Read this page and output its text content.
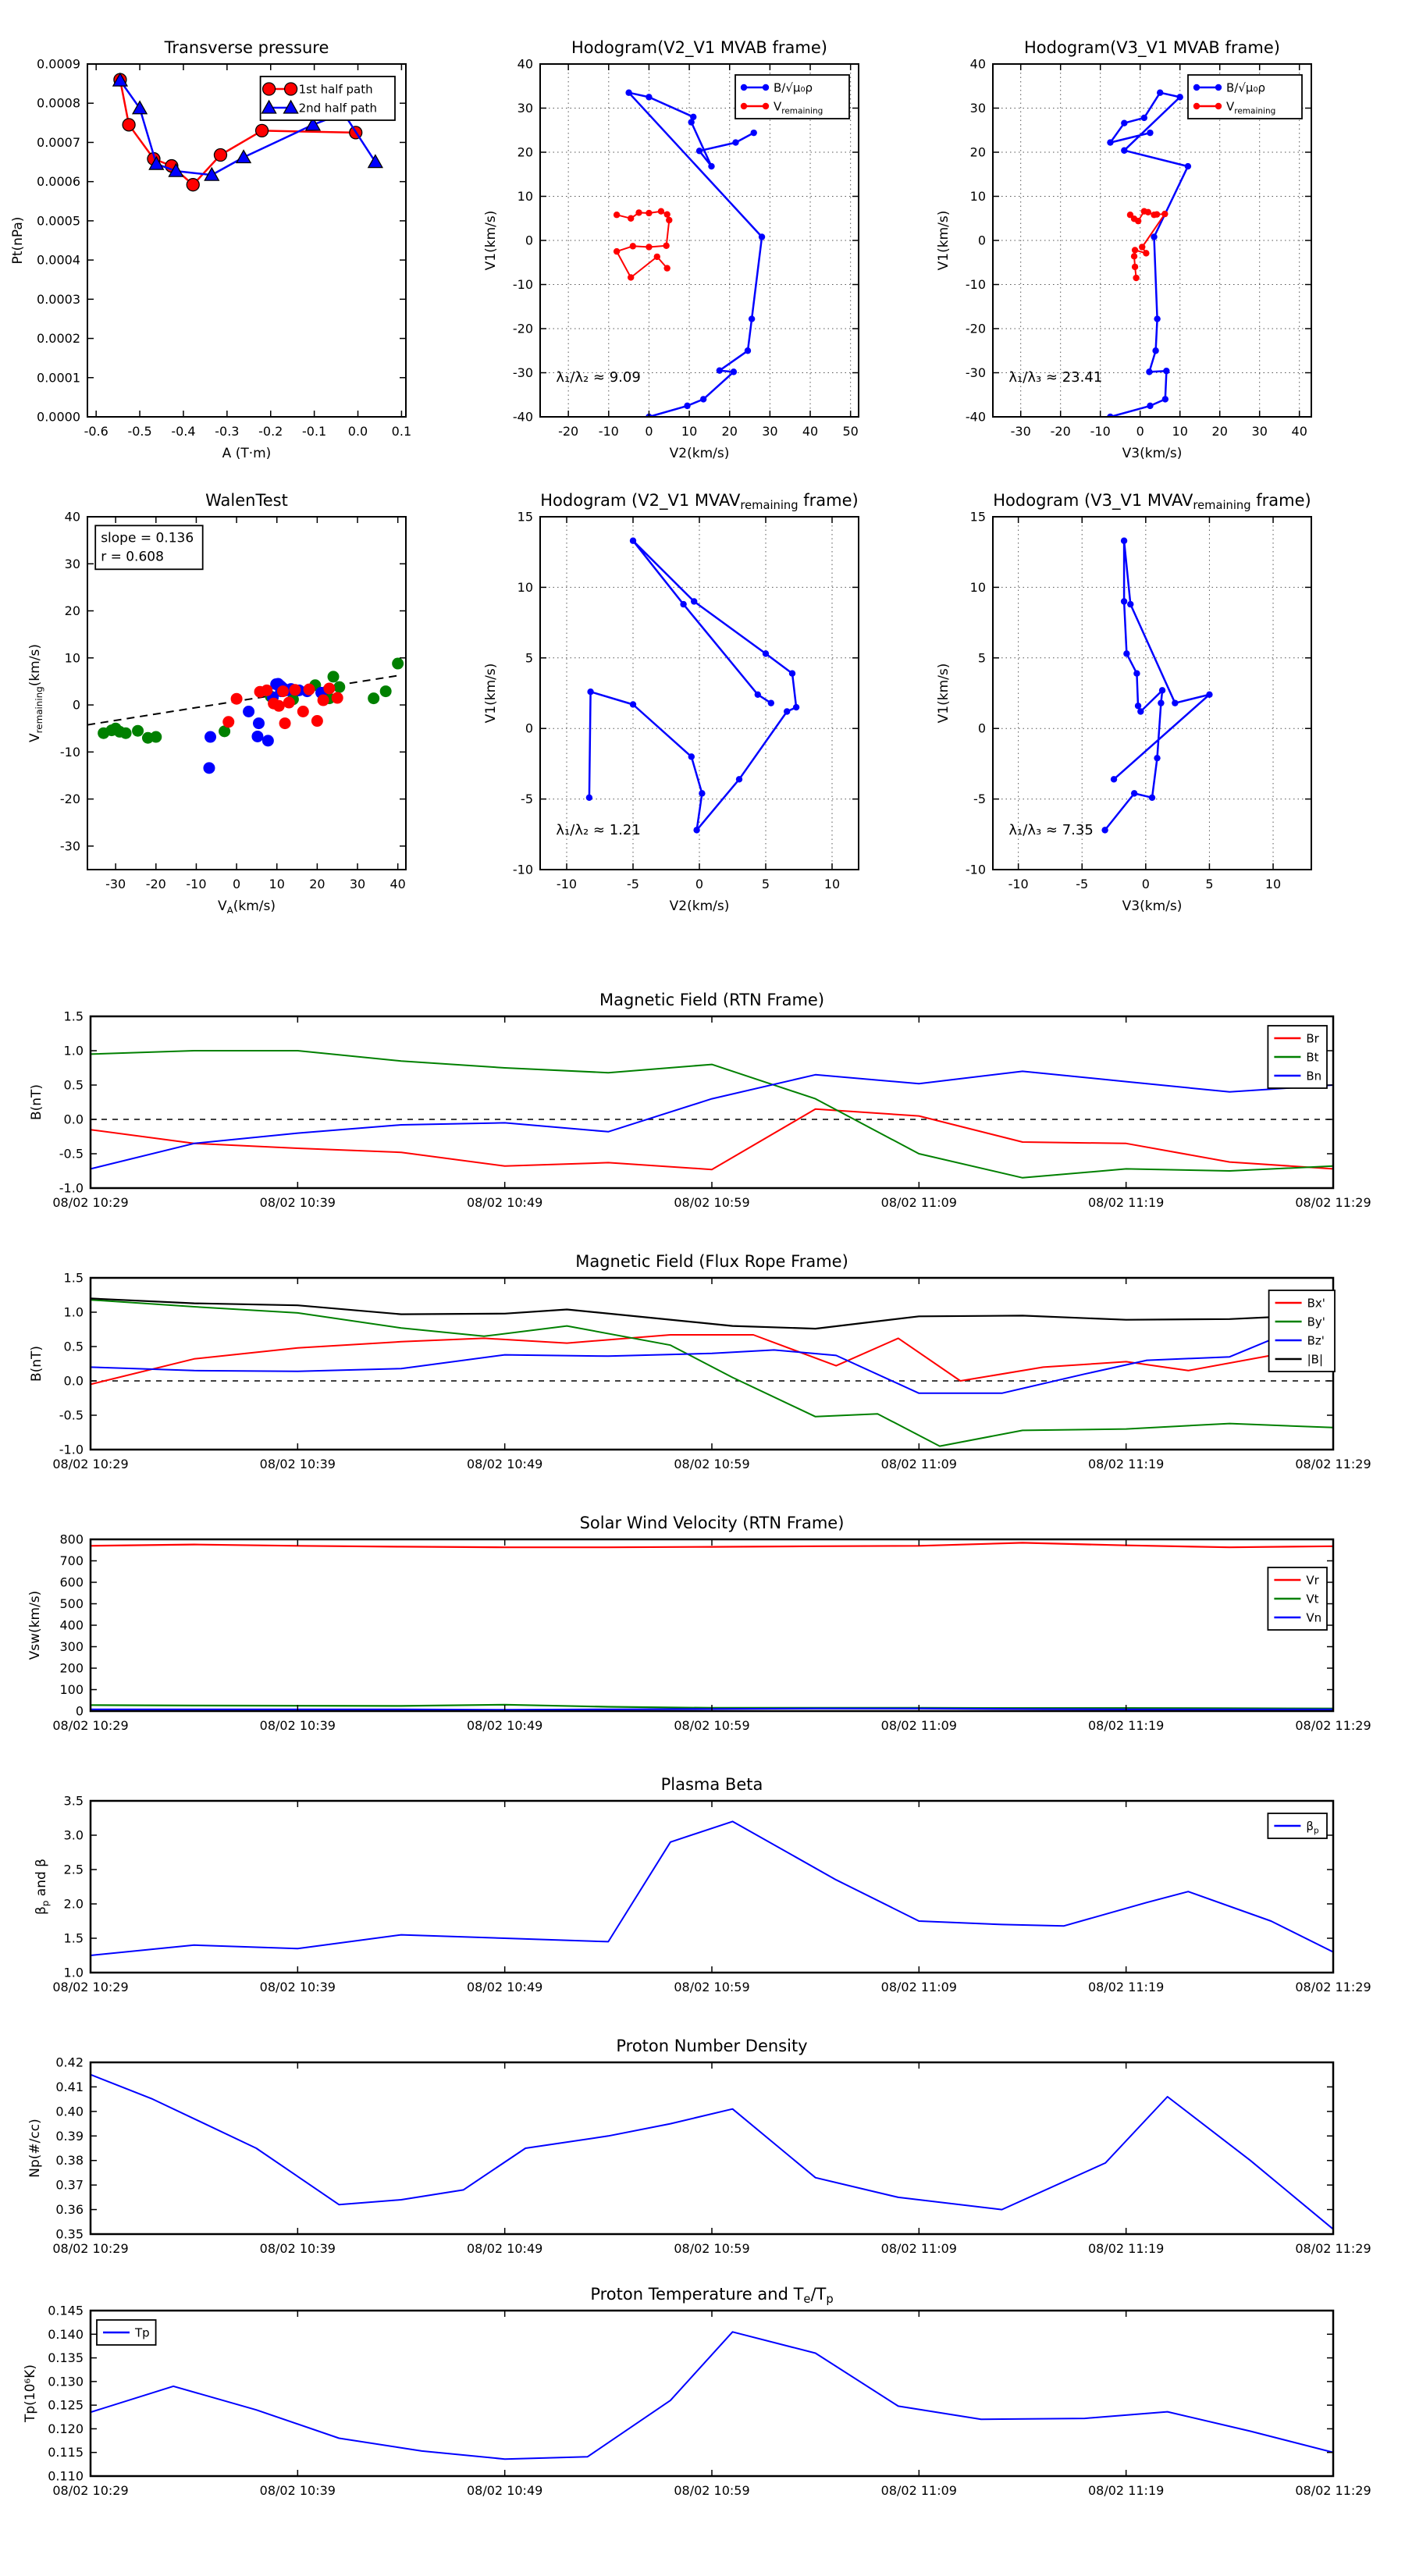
-0.6 -0.5 -0.4 -0.3 -0.2 -0.1 0.0 0.1
0.0000
0.0001
0.0002
0.0003
0.0004
0.0005
0.0006
0.0007
0.0008
0.0009
Transverse pressure
A (T·m)
Pt(nPa)
1st half path
2nd half path
-20 -10 0 10 20 30 40 50
-40
-30
-20
-10
0
10
20
30
40
Hodogram(V2_V1 MVAB frame)
V2(km/s)
V1(km/s)
λ₁/λ₂ ≈ 9.09
B/√μ₀ρ
$V_{remaining}$
-30 -20 -10 0 10 20 30 40
-40
-30
-20
-10
0
10
20
30
40
Hodogram(V3_V1 MVAB frame)
V3(km/s)
V1(km/s)
λ₁/λ₃ ≈ 23.41
B/√μ₀ρ
$V_{remaining}$
-30 -20 -10 0 10 20 30 40
-30
-20
-10
0
10
20
30
40
WalenTest
$V_A(km/s)$
$V_{remaining}(km/s)$
slope = 0.136
r = 0.608
-10	-5	0	5	10
-10
-5
0
5
10
15
Hodogram (V2_V1 MVAVremaining frame)
V2(km/s)
V1(km/s)
λ₁/λ₂ ≈ 1.21
-10	-5	0	5	10
-10
-5
0
5
10
15
Hodogram (V3_V1 MVAVremaining frame)
V3(km/s)
V1(km/s)
λ₁/λ₃ ≈ 7.35
08/02 10:29	08/02 10:39	08/02 10:49	08/02 10:59	08/02 11:09	08/02 11:19	08/02 11:29
-1.0
-0.5
0.0
0.5
1.0
1.5
Magnetic Field (RTN Frame)
B(nT)
Br
Bt
Bn
08/02 10:29	08/02 10:39	08/02 10:49	08/02 10:59	08/02 11:09	08/02 11:19	08/02 11:29
-1.0
-0.5
0.0
0.5
1.0
1.5
Magnetic Field (Flux Rope Frame)
B(nT)
Bx'
By'
Bz'
|B|
08/02 10:29	08/02 10:39	08/02 10:49	08/02 10:59	08/02 11:09	08/02 11:19	08/02 11:29
0
100
200
300
400
500
600
700
800
Solar Wind Velocity (RTN Frame)
Vsw(km/s)
Vr
Vt
Vn
08/02 10:29	08/02 10:39	08/02 10:49	08/02 10:59	08/02 11:09	08/02 11:19	08/02 11:29
1.0
1.5
2.0
2.5
3.0
3.5
Plasma Beta
$\beta_p$ and β
$\beta_p$
08/02 10:29	08/02 10:39	08/02 10:49	08/02 10:59	08/02 11:09	08/02 11:19	08/02 11:29
0.35
0.36
0.37
0.38
0.39
0.40
0.41
0.42
Proton Number Density
Np(#/cc)
08/02 10:29	08/02 10:39	08/02 10:49	08/02 10:59	08/02 11:09	08/02 11:19	08/02 11:29
0.110
0.115
0.120
0.125
0.130
0.135
0.140
0.145
Proton Temperature and Te/Tp
Tp(10⁶K)
Tp
